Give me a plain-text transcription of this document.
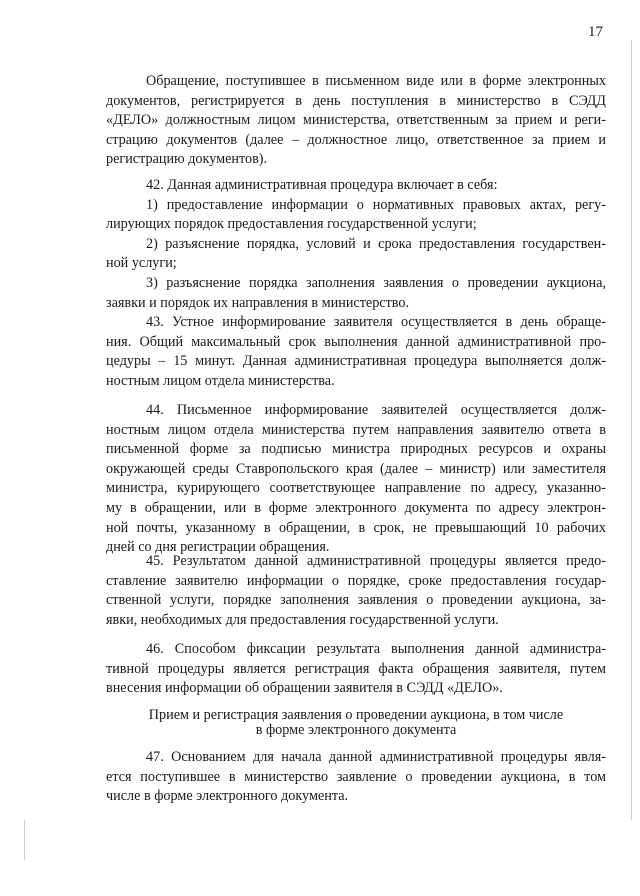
17
Обращение, поступившее в письменном виде или в форме электронных
документов, регистрируется в день поступления в министерство в СЭДД
«ДЕЛО» должностным лицом министерства, ответственным за прием и реги-
страцию документов (далее – должностное лицо, ответственное за прием и
регистрацию документов).
42. Данная административная процедура включает в себя:
1) предоставление информации о нормативных правовых актах, регу-
лирующих порядок предоставления государственной услуги;
2) разъяснение порядка, условий и срока предоставления государствен-
ной услуги;
3) разъяснение порядка заполнения заявления о проведении аукциона,
заявки и порядок их направления в министерство.
43. Устное информирование заявителя осуществляется в день обраще-
ния. Общий максимальный срок выполнения данной административной про-
цедуры – 15 минут. Данная административная процедура выполняется долж-
ностным лицом отдела министерства.
44. Письменное информирование заявителей осуществляется долж-
ностным лицом отдела министерства путем направления заявителю ответа в
письменной форме за подписью министра природных ресурсов и охраны
окружающей среды Ставропольского края (далее – министр) или заместителя
министра, курирующего соответствующее направление по адресу, указанно-
му в обращении, или в форме электронного документа по адресу электрон-
ной почты, указанному в обращении, в срок, не превышающий 10 рабочих
дней со дня регистрации обращения.
45. Результатом данной административной процедуры является предо-
ставление заявителю информации о порядке, сроке предоставления государ-
ственной услуги, порядке заполнения заявления о проведении аукциона, за-
явки, необходимых для предоставления государственной услуги.
46. Способом фиксации результата выполнения данной администра-
тивной процедуры является регистрация факта обращения заявителя, путем
внесения информации об обращении заявителя в СЭДД «ДЕЛО».
Прием и регистрация заявления о проведении аукциона, в том числе
в форме электронного документа
47. Основанием для начала данной административной процедуры явля-
ется поступившее в министерство заявление о проведении аукциона, в том
числе в форме электронного документа.
